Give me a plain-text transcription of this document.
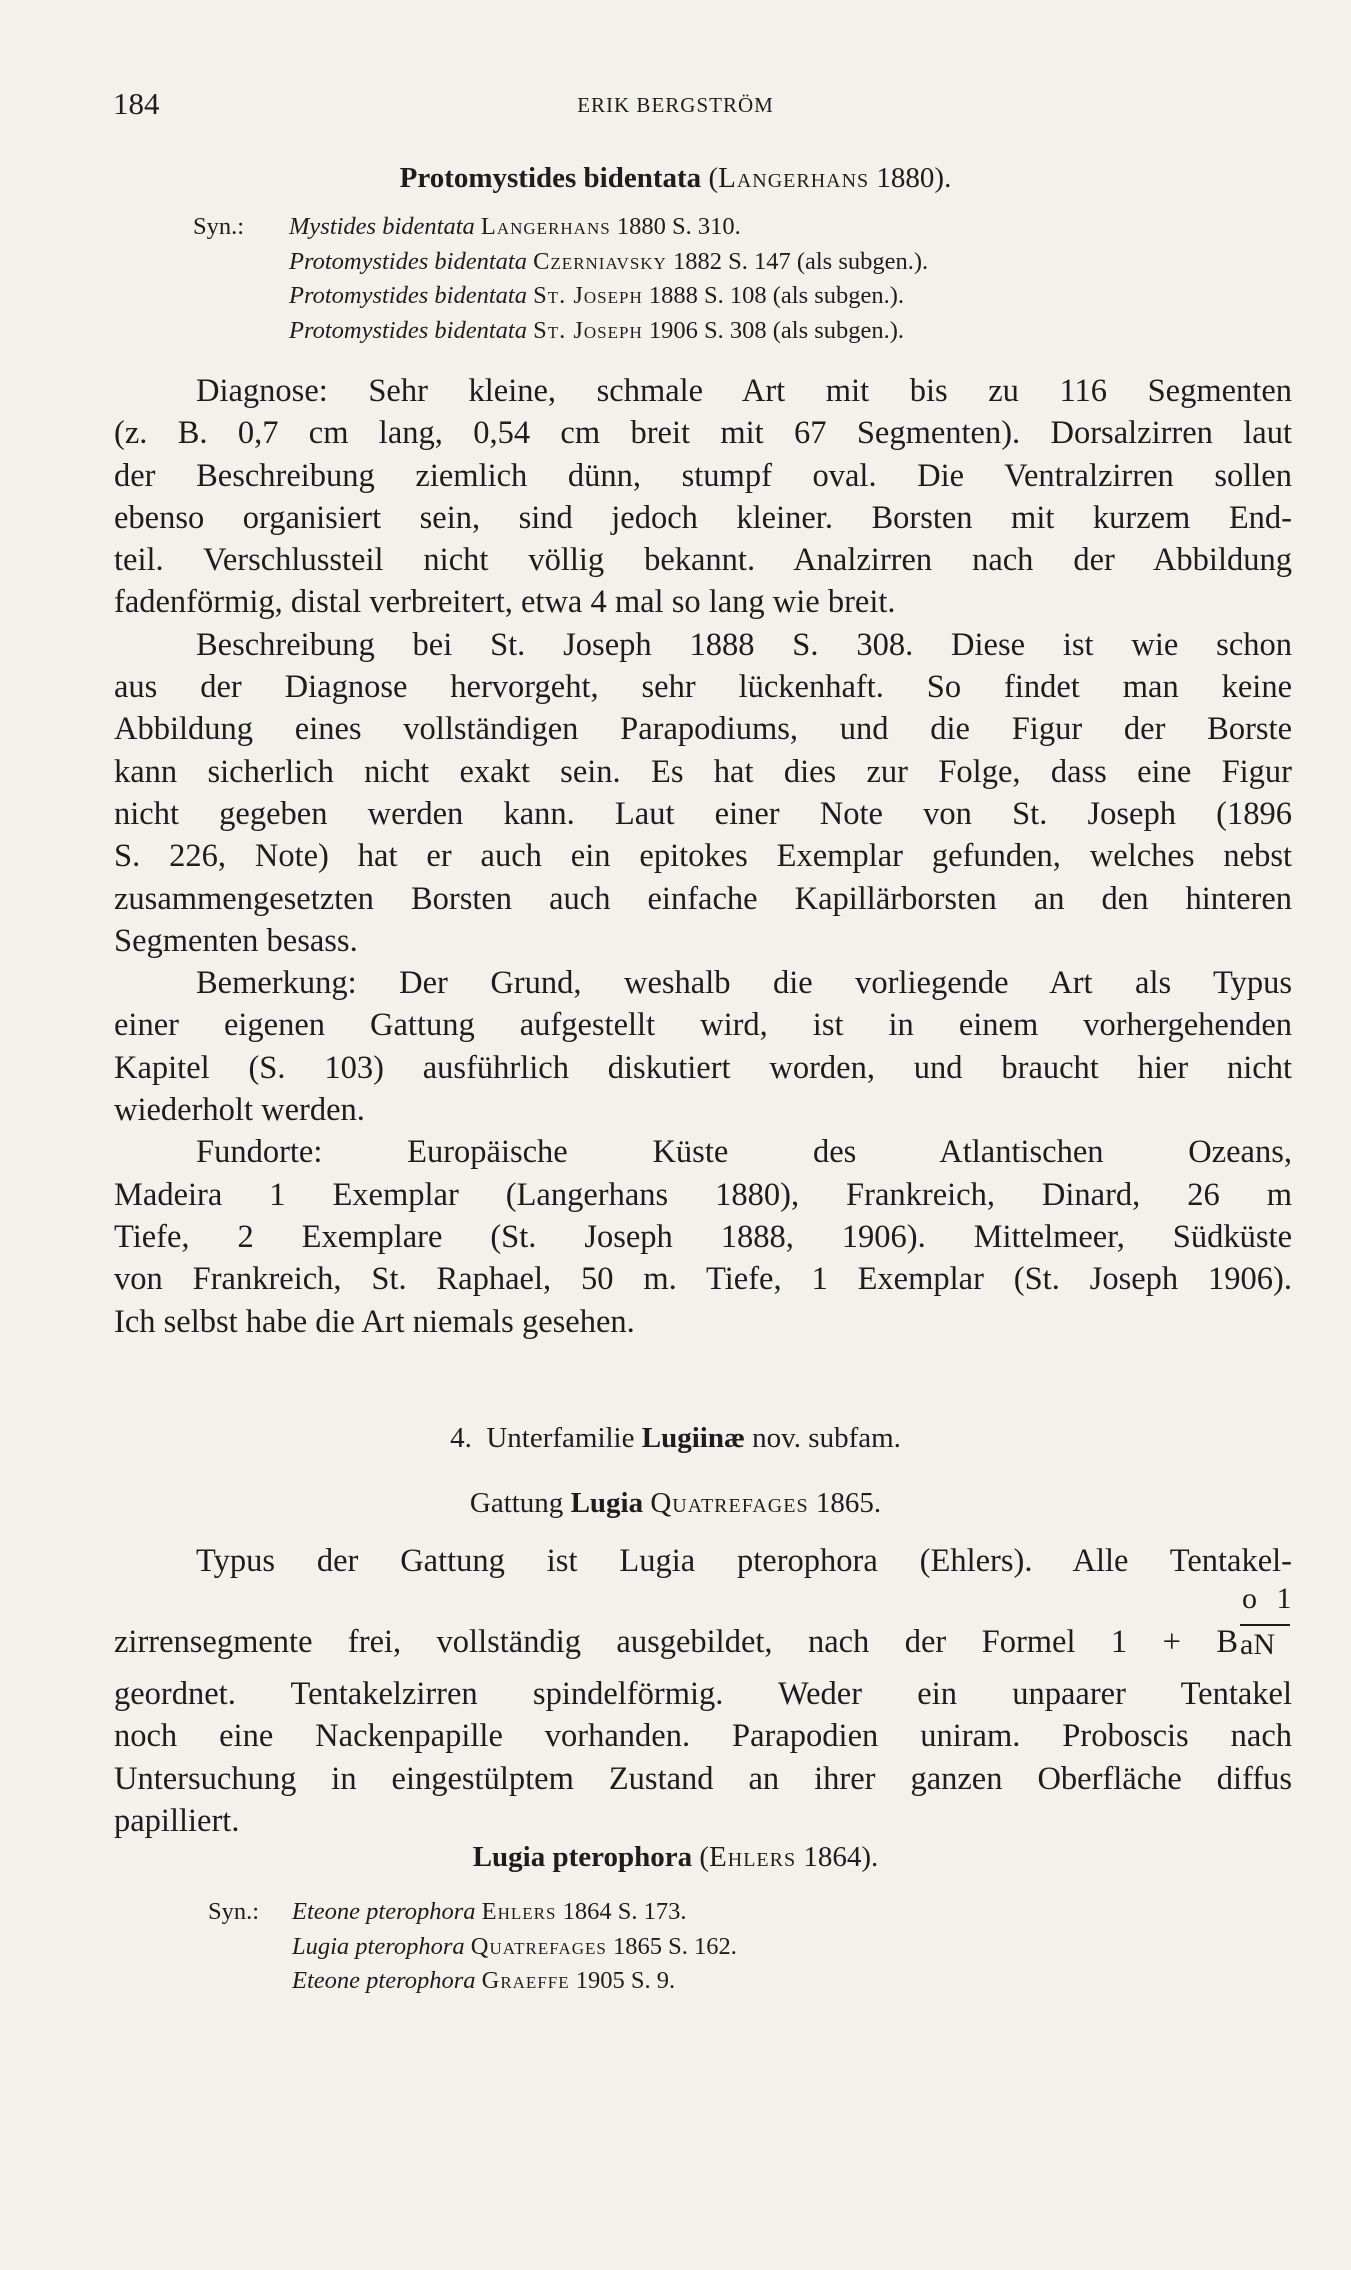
184	ERIK BERGSTRÖM
Protomystides bidentata (Langerhans 1880).
Syn.: Mystides bidentata Langerhans 1880 S. 310.
Protomystides bidentata Czerniavsky 1882 S. 147 (als subgen.).
Protomystides bidentata St. Joseph 1888 S. 108 (als subgen.).
Protomystides bidentata St. Joseph 1906 S. 308 (als subgen.).
Diagnose: Sehr kleine, schmale Art mit bis zu 116 Segmenten
(z. B. 0,7 cm lang, 0,54 cm breit mit 67 Segmenten). Dorsalzirren laut
der Beschreibung ziemlich dünn, stumpf oval. Die Ventralzirren sollen
ebenso organisiert sein, sind jedoch kleiner. Borsten mit kurzem End-
teil. Verschlussteil nicht völlig bekannt. Analzirren nach der Abbildung
fadenförmig, distal verbreitert, etwa 4 mal so lang wie breit.
Beschreibung bei St. Joseph 1888 S. 308. Diese ist wie schon
aus der Diagnose hervorgeht, sehr lückenhaft. So findet man keine
Abbildung eines vollständigen Parapodiums, und die Figur der Borste
kann sicherlich nicht exakt sein. Es hat dies zur Folge, dass eine Figur
nicht gegeben werden kann. Laut einer Note von St. Joseph (1896
S. 226, Note) hat er auch ein epitokes Exemplar gefunden, welches nebst
zusammengesetzten Borsten auch einfache Kapillärborsten an den hinteren
Segmenten besass.
Bemerkung: Der Grund, weshalb die vorliegende Art als Typus
einer eigenen Gattung aufgestellt wird, ist in einem vorhergehenden
Kapitel (S. 103) ausführlich diskutiert worden, und braucht hier nicht
wiederholt werden.
Fundorte: Europäische Küste des Atlantischen Ozeans,
Madeira 1 Exemplar (Langerhans 1880), Frankreich, Dinard, 26 m
Tiefe, 2 Exemplare (St. Joseph 1888, 1906). Mittelmeer, Südküste
von Frankreich, St. Raphael, 50 m. Tiefe, 1 Exemplar (St. Joseph 1906).
Ich selbst habe die Art niemals gesehen.
4. Unterfamilie Lugiinæ nov. subfam.
Gattung Lugia Quatrefages 1865.
Typus der Gattung ist Lugia pterophora (Ehlers). Alle Tentakel-
zirrensegmente frei, vollständig ausgebildet, nach der Formel 1 + B $\frac{o 1}{aN}$
geordnet. Tentakelzirren spindelförmig. Weder ein unpaarer Tentakel
noch eine Nackenpapille vorhanden. Parapodien uniram. Proboscis nach
Untersuchung in eingestülptem Zustand an ihrer ganzen Oberfläche diffus
papilliert.
Lugia pterophora (Ehlers 1864).
Syn.: Eteone pterophora Ehlers 1864 S. 173.
Lugia pterophora Quatrefages 1865 S. 162.
Eteone pterophora Graeffe 1905 S. 9.
